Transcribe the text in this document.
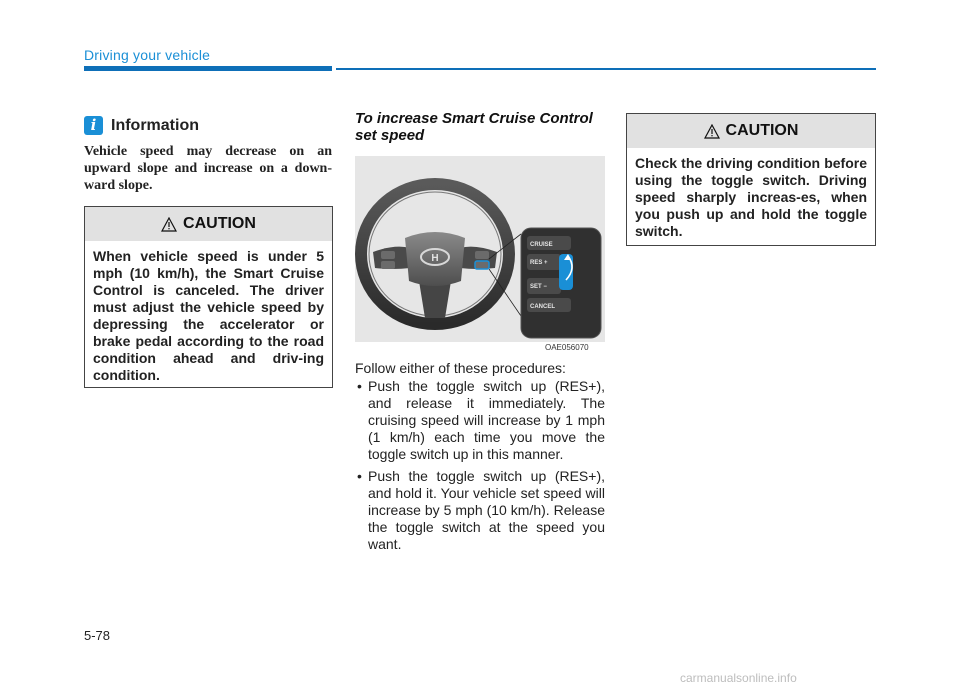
Driving your vehicle
i Information
Vehicle speed may decrease on an upward slope and increase on a down-ward slope.
CAUTION
When vehicle speed is under 5 mph (10 km/h), the Smart Cruise Control is canceled. The driver must adjust the vehicle speed by depressing the accelerator or brake pedal according to the road condition ahead and driv-ing condition.
To increase Smart Cruise Control set speed
H
CRUISE
RES +
SET −
CANCEL
OAE056070
Follow either of these procedures:
• Push the toggle switch up (RES+), and release it immediately. The cruising speed will increase by 1 mph (1 km/h) each time you move the toggle switch up in this manner.
• Push the toggle switch up (RES+), and hold it. Your vehicle set speed will increase by 5 mph (10 km/h). Release the toggle switch at the speed you want.
CAUTION
Check the driving condition before using the toggle switch. Driving speed sharply increas-es, when you push up and hold the toggle switch.
5-78
carmanualsonline.info
